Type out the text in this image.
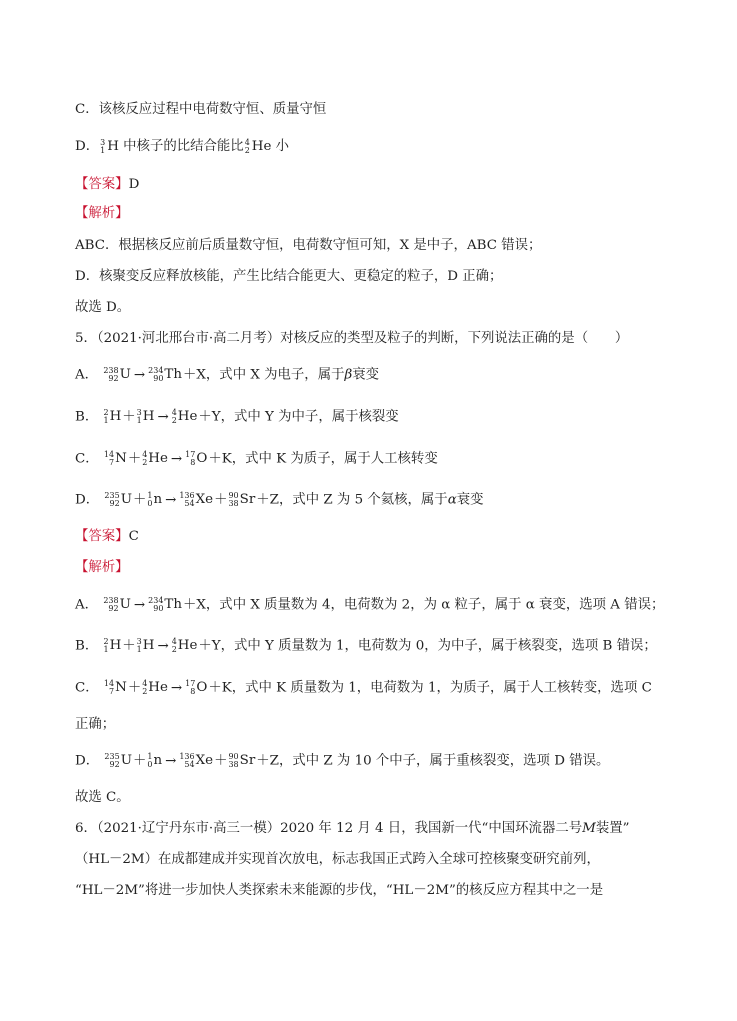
C．该核反应过程中电荷数守恒、质量守恒
D． 3
1 H 中核子的比结合能比 4
2 He 小
【答案】D
【解析】
ABC．根据核反应前后质量数守恒，电荷数守恒可知，X 是中子，ABC 错误；
D．核聚变反应释放核能，产生比结合能更大、更稳定的粒子，D 正确；
故选 D。
5．（2021·河北邢台市·高二月考）对核反应的类型及粒子的判断，下列说法正确的是（　　）
A． 238
92 U → 234
90 Th ＋X，式中 X 为电子，属于β衰变
B． 2
1 H ＋ 3
1 H → 4
2 He ＋Y，式中 Y 为中子，属于核裂变
C． 14
7 N ＋ 4
2 He → 17
8 O ＋K，式中 K 为质子，属于人工核转变
D． 235
92 U ＋ 1
0 n → 136
54 Xe ＋ 90
38 Sr ＋Z，式中 Z 为 5 个氦核，属于α衰变
【答案】C
【解析】
A． 238
92 U → 234
90 Th ＋X，式中 X 质量数为 4，电荷数为 2，为 α 粒子，属于 α 衰变，选项 A 错误；
B． 2
1 H ＋ 3
1 H → 4
2 He ＋Y，式中 Y 质量数为 1，电荷数为 0，为中子，属于核裂变，选项 B 错误；
C． 14
7 N ＋ 4
2 He → 17
8 O ＋K，式中 K 质量数为 1，电荷数为 1，为质子，属于人工核转变，选项 C
正确；
D． 235
92 U ＋ 1
0 n → 136
54 Xe ＋ 90
38 Sr ＋Z，式中 Z 为 10 个中子，属于重核裂变，选项 D 错误。
故选 C。
6．（2021·辽宁丹东市·高三一模）2020 年 12 月 4 日，我国新一代“中国环流器二号M装置”
（HL－2M）在成都建成并实现首次放电，标志我国正式跨入全球可控核聚变研究前列，
“HL－2M”将进一步加快人类探索未来能源的步伐，“HL－2M”的核反应方程其中之一是
